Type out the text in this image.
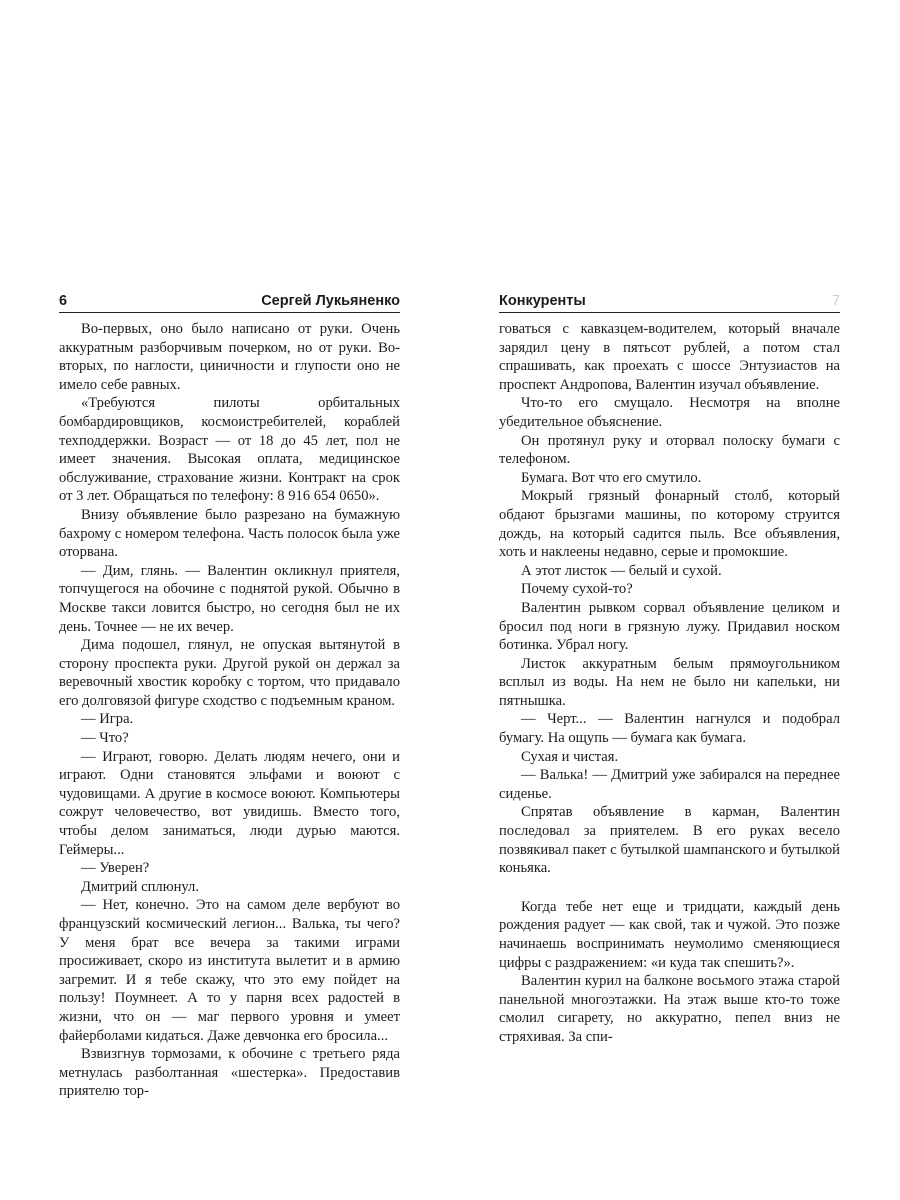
6	Сергей Лукьяненко

Во-первых, оно было написано от руки. Очень аккуратным разборчивым почерком, но от руки. Во-вторых, по наглости, циничности и глупости оно не имело себе равных.

«Требуются пилоты орбитальных бомбардировщиков, космоистребителей, кораблей техподдержки. Возраст — от 18 до 45 лет, пол не имеет значения. Высокая оплата, медицинское обслуживание, страхование жизни. Контракт на срок от 3 лет. Обращаться по телефону: 8 916 654 0650».

Внизу объявление было разрезано на бумажную бахрому с номером телефона. Часть полосок была уже оторвана.

— Дим, глянь. — Валентин окликнул приятеля, топчущегося на обочине с поднятой рукой. Обычно в Москве такси ловится быстро, но сегодня был не их день. Точнее — не их вечер.

Дима подошел, глянул, не опуская вытянутой в сторону проспекта руки. Другой рукой он держал за веревочный хвостик коробку с тортом, что придавало его долговязой фигуре сходство с подъемным краном.

— Игра.

— Что?

— Играют, говорю. Делать людям нечего, они и играют. Одни становятся эльфами и воюют с чудовищами. А другие в космосе воюют. Компьютеры сожрут человечество, вот увидишь. Вместо того, чтобы делом заниматься, люди дурью маются. Геймеры...

— Уверен?

Дмитрий сплюнул.

— Нет, конечно. Это на самом деле вербуют во французский космический легион... Валька, ты чего? У меня брат все вечера за такими играми просиживает, скоро из института вылетит и в армию загремит. И я тебе скажу, что это ему пойдет на пользу! Поумнеет. А то у парня всех радостей в жизни, что он — маг первого уровня и умеет файерболами кидаться. Даже девчонка его бросила...

Взвизгнув тормозами, к обочине с третьего ряда метнулась разболтанная «шестерка». Предоставив приятелю тор-

Конкуренты	7

говаться с кавказцем-водителем, который вначале зарядил цену в пятьсот рублей, а потом стал спрашивать, как проехать с шоссе Энтузиастов на проспект Андропова, Валентин изучал объявление.

Что-то его смущало. Несмотря на вполне убедительное объяснение.

Он протянул руку и оторвал полоску бумаги с телефоном.

Бумага. Вот что его смутило.

Мокрый грязный фонарный столб, который обдают брызгами машины, по которому струится дождь, на который садится пыль. Все объявления, хоть и наклеены недавно, серые и промокшие.

А этот листок — белый и сухой.

Почему сухой-то?

Валентин рывком сорвал объявление целиком и бросил под ноги в грязную лужу. Придавил носком ботинка. Убрал ногу.

Листок аккуратным белым прямоугольником всплыл из воды. На нем не было ни капельки, ни пятнышка.

— Черт... — Валентин нагнулся и подобрал бумагу. На ощупь — бумага как бумага.

Сухая и чистая.

— Валька! — Дмитрий уже забирался на переднее сиденье.

Спрятав объявление в карман, Валентин последовал за приятелем. В его руках весело позвякивал пакет с бутылкой шампанского и бутылкой коньяка.

Когда тебе нет еще и тридцати, каждый день рождения радует — как свой, так и чужой. Это позже начинаешь воспринимать неумолимо сменяющиеся цифры с раздражением: «и куда так спешить?».

Валентин курил на балконе восьмого этажа старой панельной многоэтажки. На этаж выше кто-то тоже смолил сигарету, но аккуратно, пепел вниз не стряхивая. За спи-
